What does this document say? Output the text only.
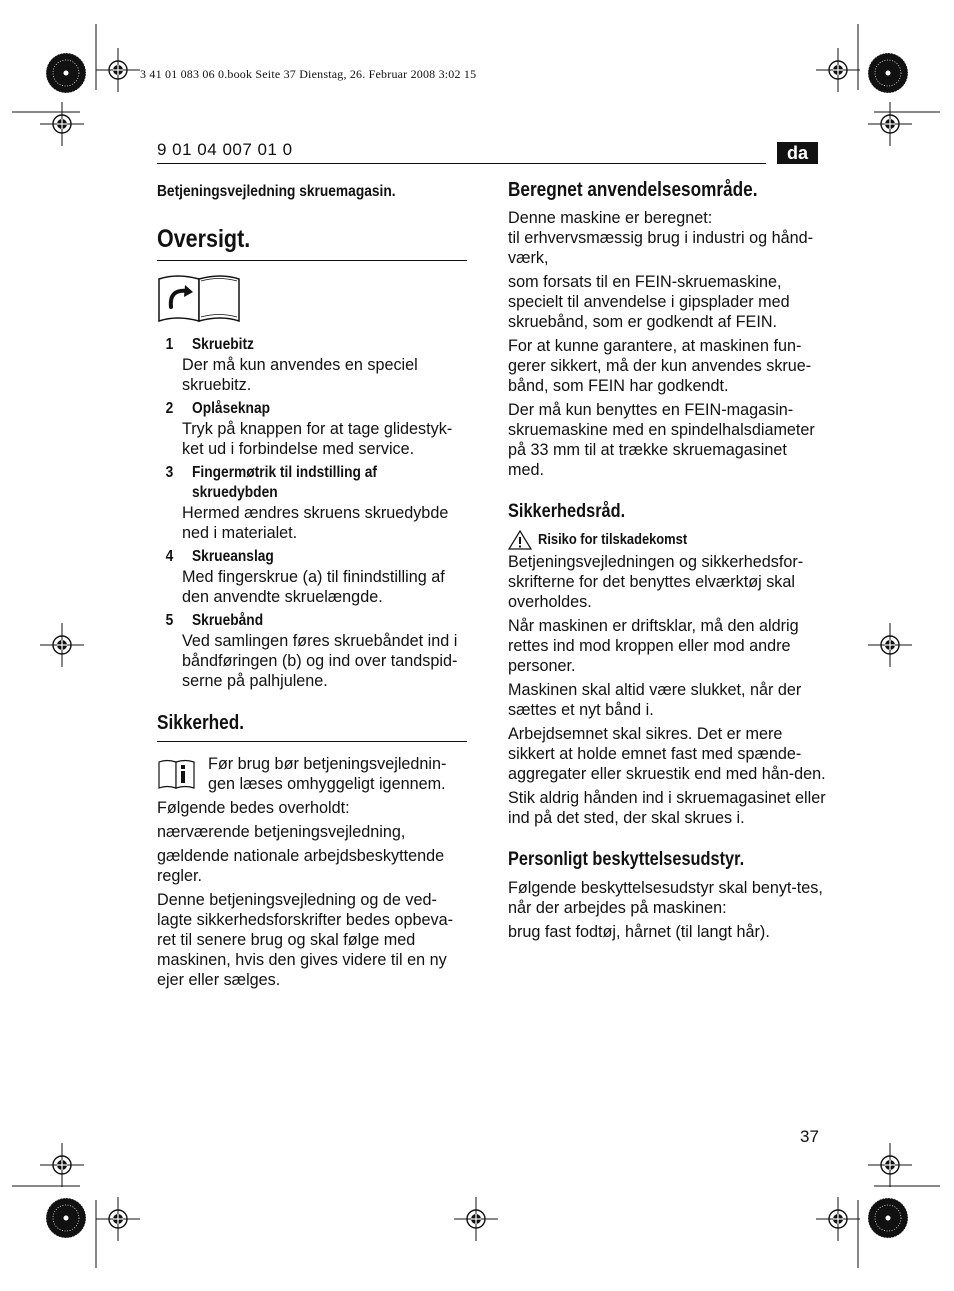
3 41 01 083 06 0.book Seite 37 Dienstag, 26. Februar 2008 3:02 15
9 01 04 007 01 0	da
Betjeningsvejledning skruemagasin.
Oversigt.
1	Skruebitz

Der må kun anvendes en speciel skruebitz.

2	Oplåseknap

Tryk på knappen for at tage glidestyk-ket ud i forbindelse med service.

3	Fingermøtrik til indstilling af skruedybden

Hermed ændres skruens skruedybde ned i materialet.

4	Skrueanslag

Med fingerskrue (a) til finindstilling af den anvendte skruelængde.

5	Skruebånd

Ved samlingen føres skruebåndet ind i båndføringen (b) og ind over tandspid-serne på palhjulene.

Sikkerhed.

Før brug bør betjeningsvejlednin-gen læses omhyggeligt igennem.

Følgende bedes overholdt:

nærværende betjeningsvejledning,

gældende nationale arbejdsbeskyttende regler.

Denne betjeningsvejledning og de ved-lagte sikkerhedsforskrifter bedes opbeva-ret til senere brug og skal følge med maskinen, hvis den gives videre til en ny ejer eller sælges.

Beregnet anvendelsesområde.

Denne maskine er beregnet:

til erhvervsmæssig brug i industri og hånd-værk,

som forsats til en FEIN-skruemaskine, specielt til anvendelse i gipsplader med skruebånd, som er godkendt af FEIN.

For at kunne garantere, at maskinen fun-gerer sikkert, må der kun anvendes skrue-bånd, som FEIN har godkendt.

Der må kun benyttes en FEIN-magasin-skruemaskine med en spindelhalsdiameter på 33 mm til at trække skruemagasinet med.

Sikkerhedsråd.
Risiko for tilskadekomst

Betjeningsvejledningen og sikkerhedsfor-skrifterne for det benyttes elværktøj skal overholdes.

Når maskinen er driftsklar, må den aldrig rettes ind mod kroppen eller mod andre personer.

Maskinen skal altid være slukket, når der sættes et nyt bånd i.

Arbejdsemnet skal sikres. Det er mere sikkert at holde emnet fast med spænde-aggregater eller skruestik end med hån-den.

Stik aldrig hånden ind i skruemagasinet eller ind på det sted, der skal skrues i.

Personligt beskyttelsesudstyr.

Følgende beskyttelsesudstyr skal benyt-tes, når der arbejdes på maskinen:

brug fast fodtøj, hårnet (til langt hår).

37
